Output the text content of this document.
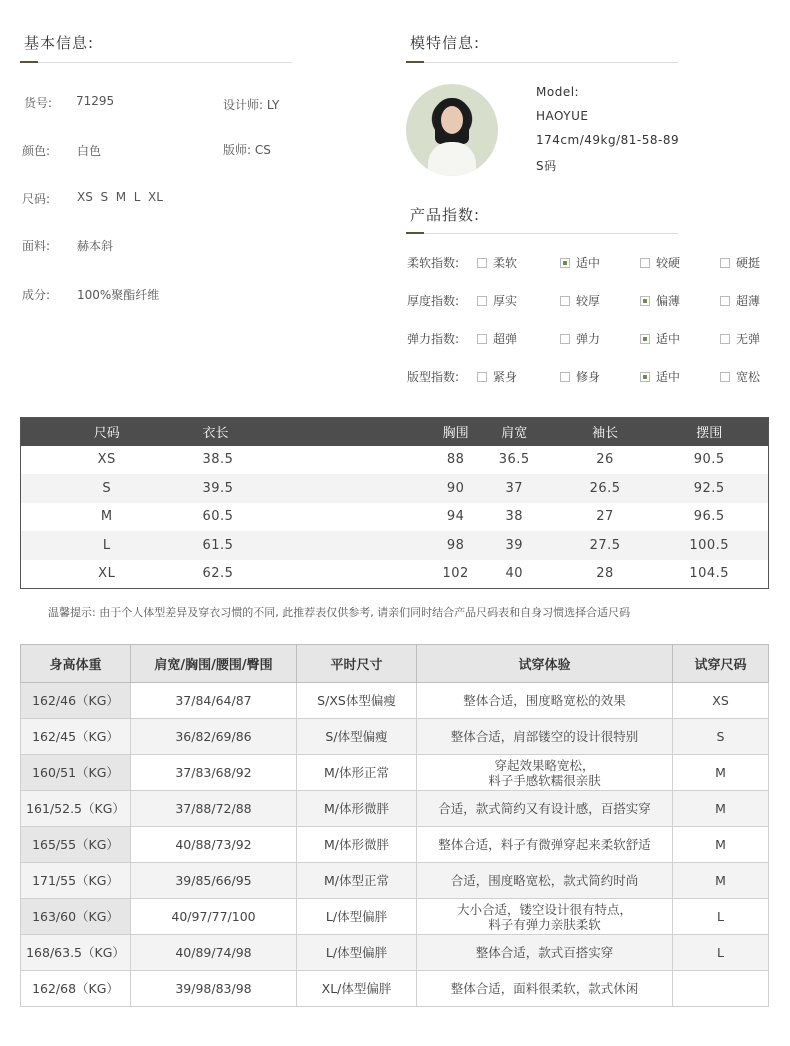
基本信息:
货号: 71295
颜色: 白色
尺码: XS  S  M  L  XL
面料: 赫本斜
成分: 100%聚酯纤维
设计师: LY
版师: CS
模特信息:
Model:
HAOYUE
174cm/49kg/81-58-89
S码
产品指数:
柔软指数:	柔软	适中	较硬	硬挺
厚度指数:	厚实	较厚	偏薄	超薄
弹力指数:	超弹	弹力	适中	无弹
版型指数:	紧身	修身	适中	宽松
尺码	衣长	胸围	肩宽	袖长	摆围
XS	38.5	88	36.5	26	90.5
S	39.5	90	37	26.5	92.5
M	60.5	94	38	27	96.5
L	61.5	98	39	27.5	100.5
XL	62.5	102	40	28	104.5
温馨提示: 由于个人体型差异及穿衣习惯的不同, 此推荐表仅供参考, 请亲们同时结合产品尺码表和自身习惯选择合适尺码
身高体重	肩宽/胸围/腰围/臀围	平时尺寸	试穿体验	试穿尺码
162/46（KG）	37/84/64/87	S/XS体型偏瘦	整体合适，围度略宽松的效果	XS
162/45（KG）	36/82/69/86	S/体型偏瘦	整体合适，肩部镂空的设计很特别	S
160/51（KG）	37/83/68/92	M/体形正常	穿起效果略宽松，
料子手感软糯很亲肤	M
161/52.5（KG）	37/88/72/88	M/体形微胖	合适，款式简约又有设计感，百搭实穿	M
165/55（KG）	40/88/73/92	M/体形微胖	整体合适，料子有微弹穿起来柔软舒适	M
171/55（KG）	39/85/66/95	M/体型正常	合适，围度略宽松，款式简约时尚	M
163/60（KG）	40/97/77/100	L/体型偏胖	大小合适，镂空设计很有特点，
料子有弹力亲肤柔软	L
168/63.5（KG）	40/89/74/98	L/体型偏胖	整体合适，款式百搭实穿	L
162/68（KG）	39/98/83/98	XL/体型偏胖	整体合适，面料很柔软，款式休闲	
